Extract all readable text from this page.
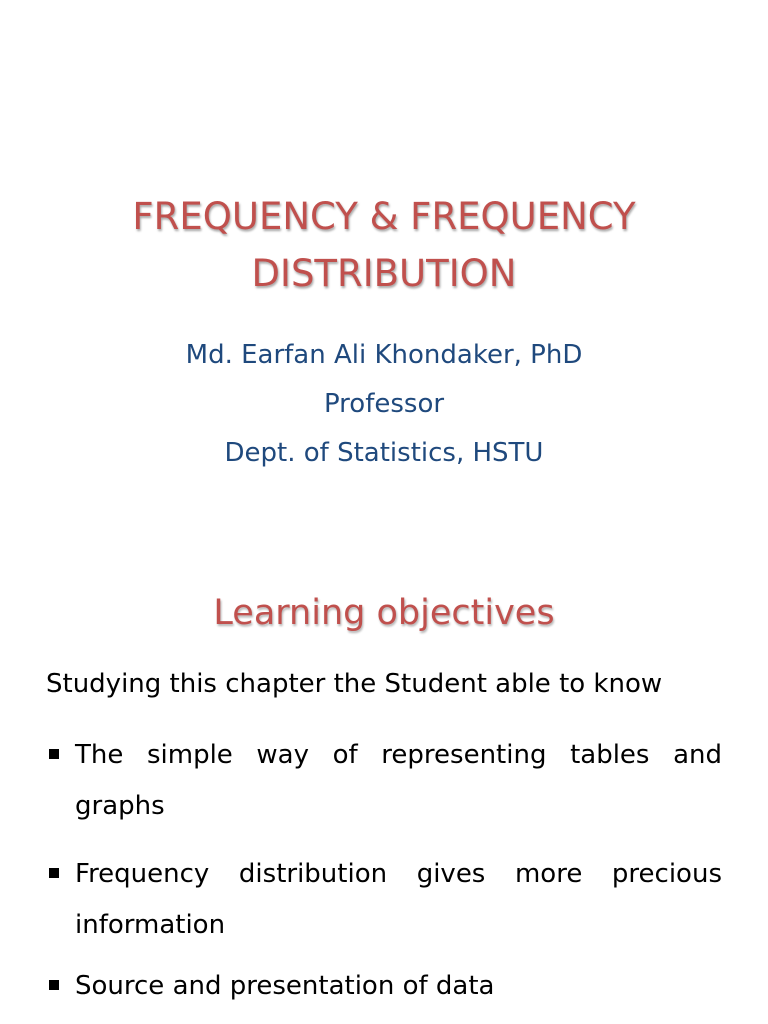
FREQUENCY & FREQUENCY
DISTRIBUTION
Md. Earfan Ali Khondaker, PhD
Professor
Dept. of Statistics, HSTU
Learning objectives
Studying this chapter the Student able to know
The simple way of representing tables and graphs
Frequency distribution gives more precious information
Source and presentation of data
